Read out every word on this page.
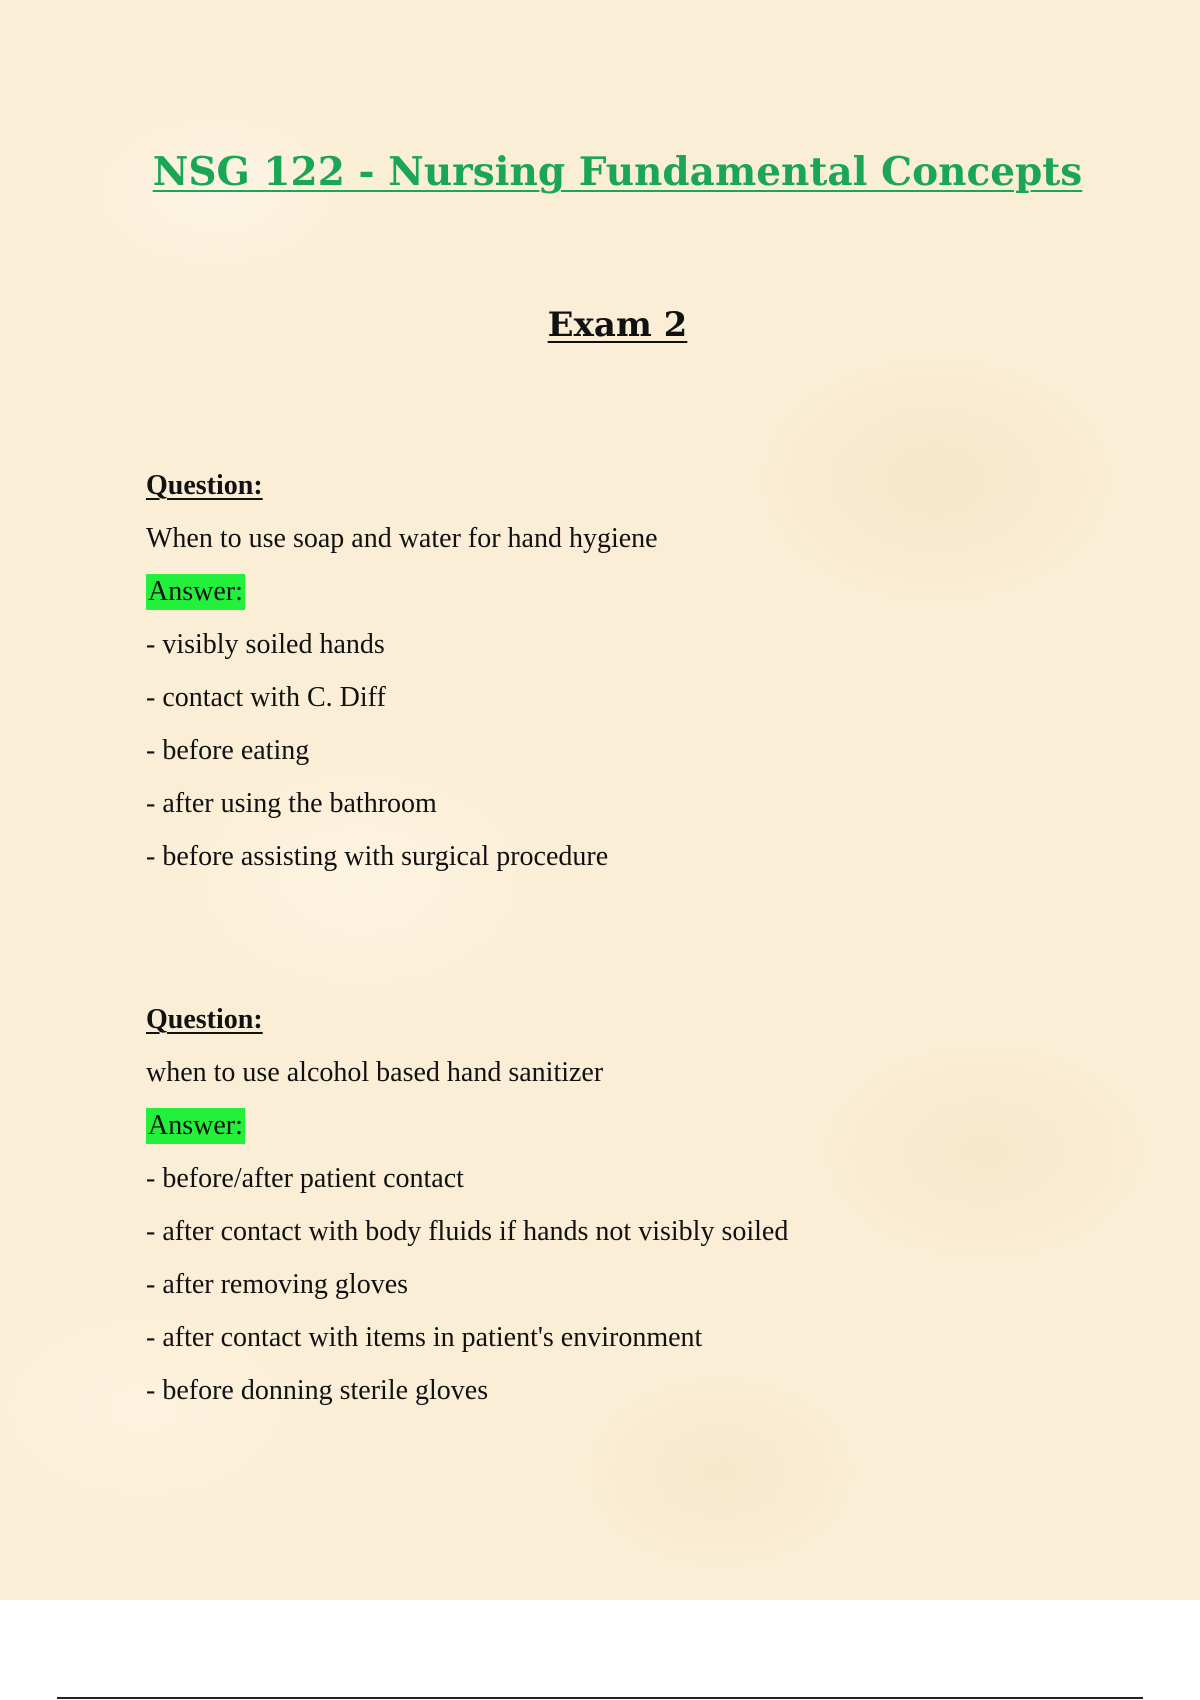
NSG 122 - Nursing Fundamental Concepts
Exam 2
Question:
When to use soap and water for hand hygiene
Answer:
- visibly soiled hands
- contact with C. Diff
- before eating
- after using the bathroom
- before assisting with surgical procedure
Question:
when to use alcohol based hand sanitizer
Answer:
- before/after patient contact
- after contact with body fluids if hands not visibly soiled
- after removing gloves
- after contact with items in patient's environment
- before donning sterile gloves
